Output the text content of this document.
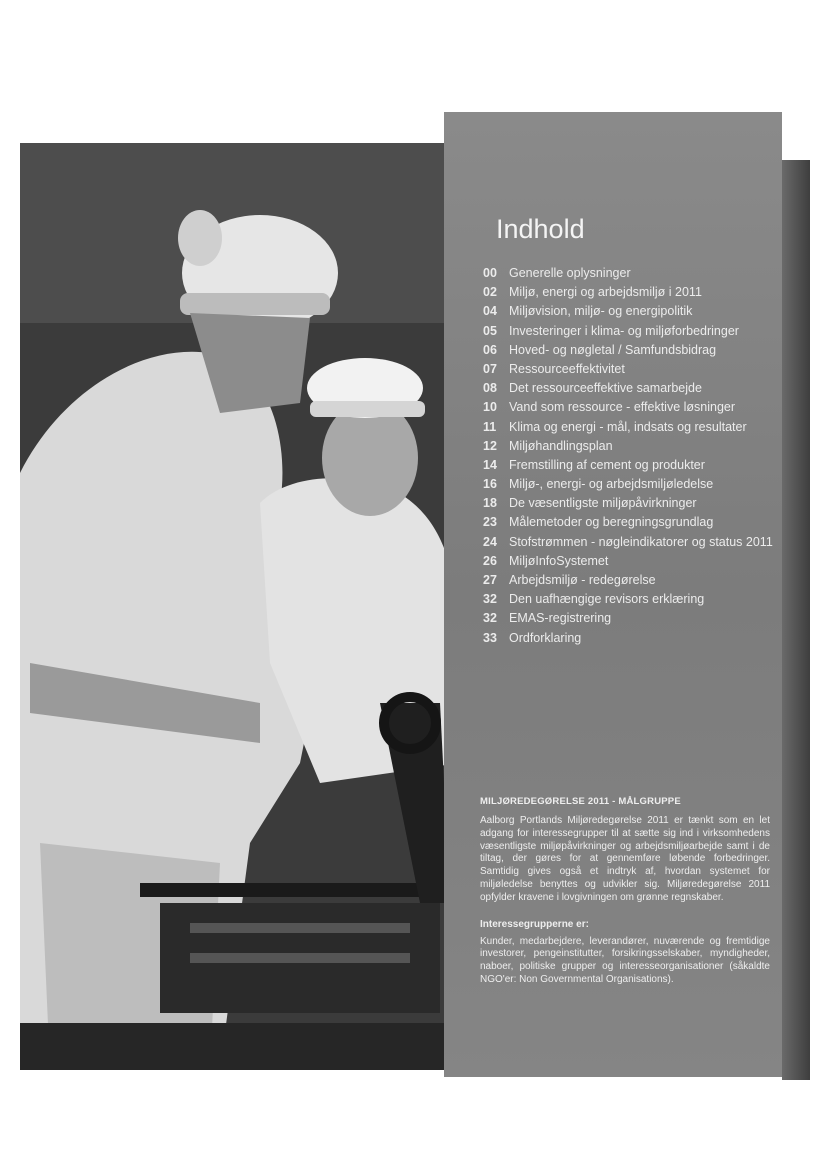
Indhold
00 Generelle oplysninger
02 Miljø, energi og arbejdsmiljø i 2011
04 Miljøvision, miljø- og energipolitik
05 Investeringer i klima- og miljøforbedringer
06 Hoved- og nøgletal / Samfundsbidrag
07 Ressourceeffektivitet
08 Det ressourceeffektive samarbejde
10 Vand som ressource - effektive løsninger
11 Klima og energi - mål, indsats og resultater
12 Miljøhandlingsplan
14 Fremstilling af cement og produkter
16 Miljø-, energi- og arbejdsmiljøledelse
18 De væsentligste miljøpåvirkninger
23 Målemetoder og beregningsgrundlag
24 Stofstrømmen - nøgleindikatorer og status 2011
26 MiljøInfoSystemet
27 Arbejdsmiljø - redegørelse
32 Den uafhængige revisors erklæring
32 EMAS-registrering
33 Ordforklaring
MILJØREDEGØRELSE 2011 - MÅLGRUPPE

Aalborg Portlands Miljøredegørelse 2011 er tænkt som en let adgang for interessegrupper til at sætte sig ind i virksomhedens væsentligste miljøpåvirkninger og arbejdsmiljøarbejde samt i de tiltag, der gøres for at gennemføre løbende forbedringer. Samtidig gives også et indtryk af, hvordan systemet for miljøledelse benyttes og udvikler sig. Miljøredegørelse 2011 opfylder kravene i lovgivningen om grønne regnskaber.

Interessegrupperne er:

Kunder, medarbejdere, leverandører, nuværende og fremtidige investorer, pengeinstitutter, forsikringsselskaber, myndigheder, naboer, politiske grupper og interesseorganisationer (såkaldte NGO'er: Non Governmental Organisations).
